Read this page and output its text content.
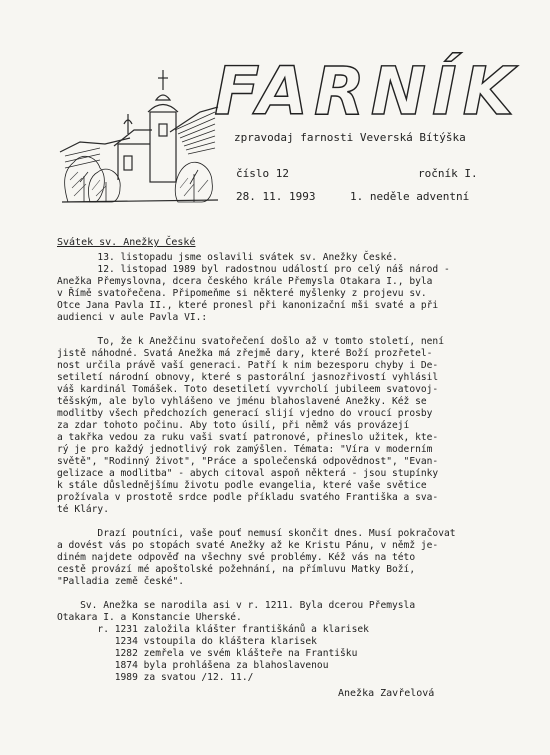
FARNÍK
zpravodaj farnosti Veverská Bítýška
číslo 12	ročník I.
28. 11. 1993	1. neděle adventní
Svátek sv. Anežky České
13. listopadu jsme oslavili svátek sv. Anežky České.
12. listopad 1989 byl radostnou událostí pro celý náš národ -
Anežka Přemyslovna, dcera českého krále Přemysla Otakara I., byla
v Římě svatořečena. Připomeňme si některé myšlenky z projevu sv.
Otce Jana Pavla II., které pronesl při kanonizační mši svaté a při
audienci v aule Pavla VI.:

To, že k Anežčinu svatořečení došlo až v tomto století, není
jistě náhodné. Svatá Anežka má zřejmě dary, které Boží prozřetel-
nost určila právě vaší generaci. Patří k nim bezesporu chyby i De-
setiletí národní obnovy, které s pastorální jasnozřivostí vyhlásil
váš kardinál Tomášek. Toto desetiletí vyvrcholí jubileem svatovoj-
těšským, ale bylo vyhlášeno ve jménu blahoslavené Anežky. Kéž se
modlitby všech předchozích generací slijí vjedno do vroucí prosby
za zdar tohoto počinu. Aby toto úsilí, při němž vás provázejí
a takřka vedou za ruku vaši svatí patronové, přineslo užitek, kte-
rý je pro každý jednotlivý rok zamýšlen. Témata: "Víra v moderním
světě", "Rodinný život", "Práce a společenská odpovědnost", "Evan-
gelizace a modlitba" - abych citoval aspoň některá - jsou stupínky
k stále důslednějšímu životu podle evangelia, které vaše světice
prožívala v prostotě srdce podle příkladu svatého Františka a sva-
té Kláry.

Drazí poutníci, vaše pouť nemusí skončit dnes. Musí pokračovat
a dovést vás po stopách svaté Anežky až ke Kristu Pánu, v němž je-
diném najdete odpověď na všechny své problémy. Kéž vás na této
cestě provází mé apoštolské požehnání, na přímluvu Matky Boží,
"Palladia země české".

Sv. Anežka se narodila asi v r. 1211. Byla dcerou Přemysla
Otakara I. a Konstancie Uherské.
r. 1231 založila klášter františkánů a klarisek
1234 vstoupila do kláštera klarisek
1282 zemřela ve svém klášteře na Františku
1874 byla prohlášena za blahoslavenou
1989 za svatou /12. 11./
Anežka Zavřelová
